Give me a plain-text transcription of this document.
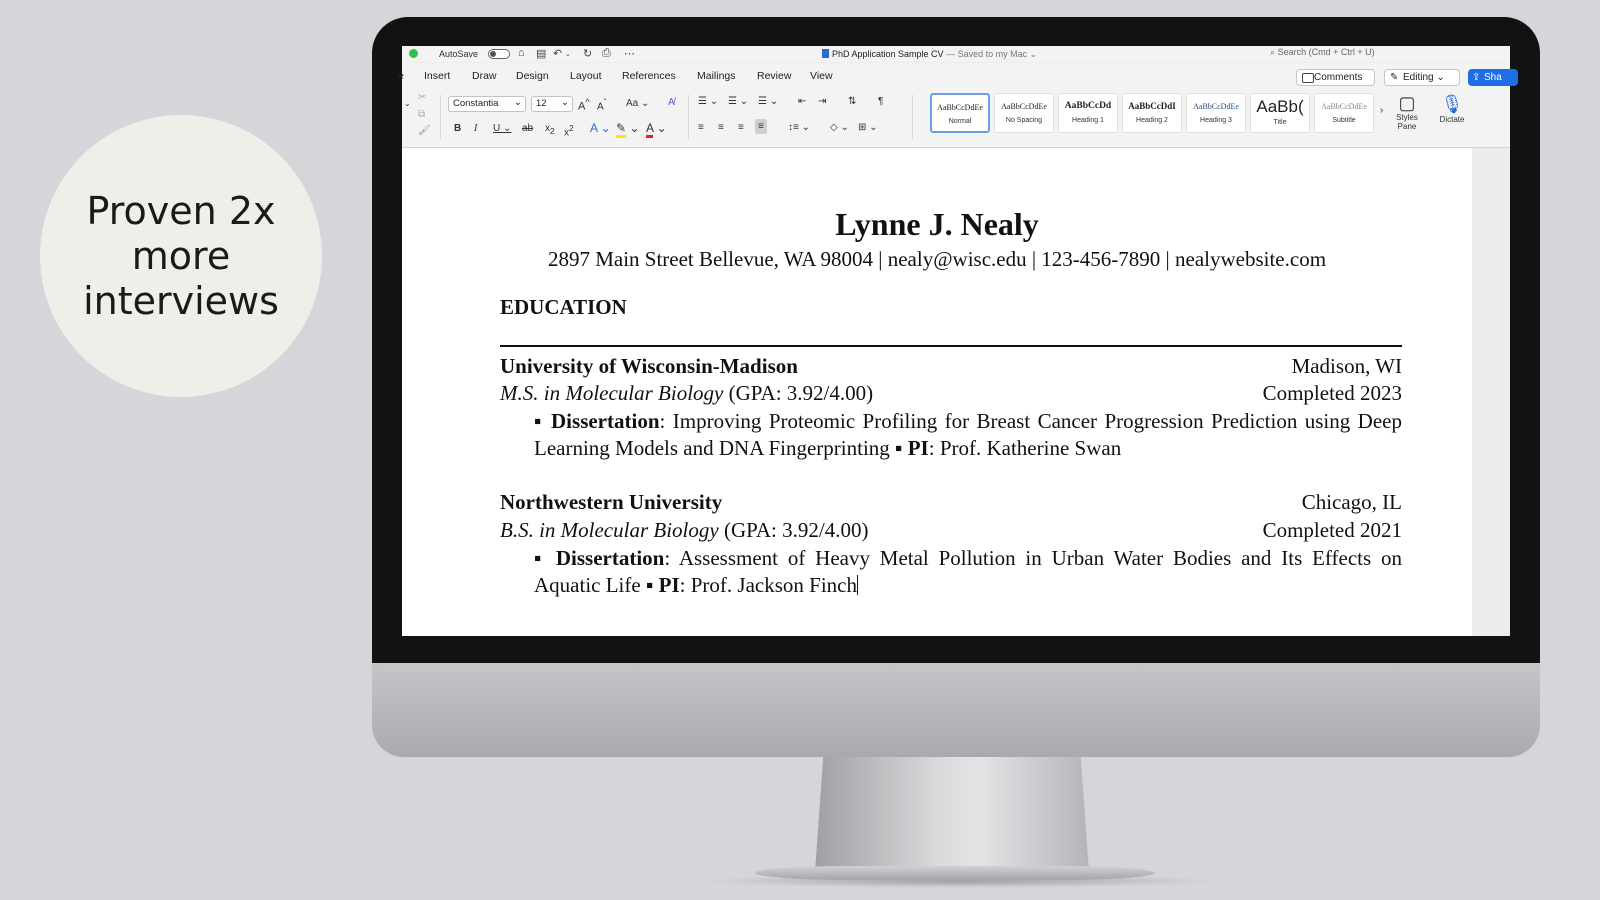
Proven 2x more interviews
AutoSave	⌂ ▤ ↶ ⌄ ↻ ⎙ ⋯	PhD Application Sample CV — Saved to my Mac ⌄	⌕ Search (Cmd + Ctrl + U)
e Insert Draw Design Layout References Mailings Review View	Comments	✎ Editing ⌄	⇪ Sha
⌄
✂
⧉
🖌
Constantia ⌄	12 ⌄ A^ $A^ˇ$ Aa ⌄ A̸
B I U ⌄ ab $x_2$ $x^2$ A ⌄ ✎ ⌄ A ⌄
☰ ⌄ ☰ ⌄ ☰ ⌄ ⇤ ⇥ ⇅ ¶
≡ ≡ ≡	≡	↕≡ ⌄ ◇ ⌄ ⊞ ⌄
AaBbCcDdEe
Normal
AaBbCcDdEe
No Spacing
AaBbCcDd
Heading 1
AaBbCcDdI
Heading 2
AaBbCcDdEe
Heading 3
AaBb(
Title
AaBbCcDdEe
Subtitle
› ▢
Styles Pane
🎙
Dictate
Lynne J. Nealy
2897 Main Street Bellevue, WA 98004 | nealy@wisc.edu | 123-456-7890 | nealywebsite.com
EDUCATION
University of Wisconsin-Madison	Madison, WI
M.S. in Molecular Biology (GPA: 3.92/4.00)	Completed 2023
▪ Dissertation: Improving Proteomic Profiling for Breast Cancer Progression Prediction using Deep Learning Models and DNA Fingerprinting ▪ PI: Prof. Katherine Swan
Northwestern University	Chicago, IL
B.S. in Molecular Biology (GPA: 3.92/4.00)	Completed 2021
▪ Dissertation: Assessment of Heavy Metal Pollution in Urban Water Bodies and Its Effects on Aquatic Life ▪ PI: Prof. Jackson Finch
